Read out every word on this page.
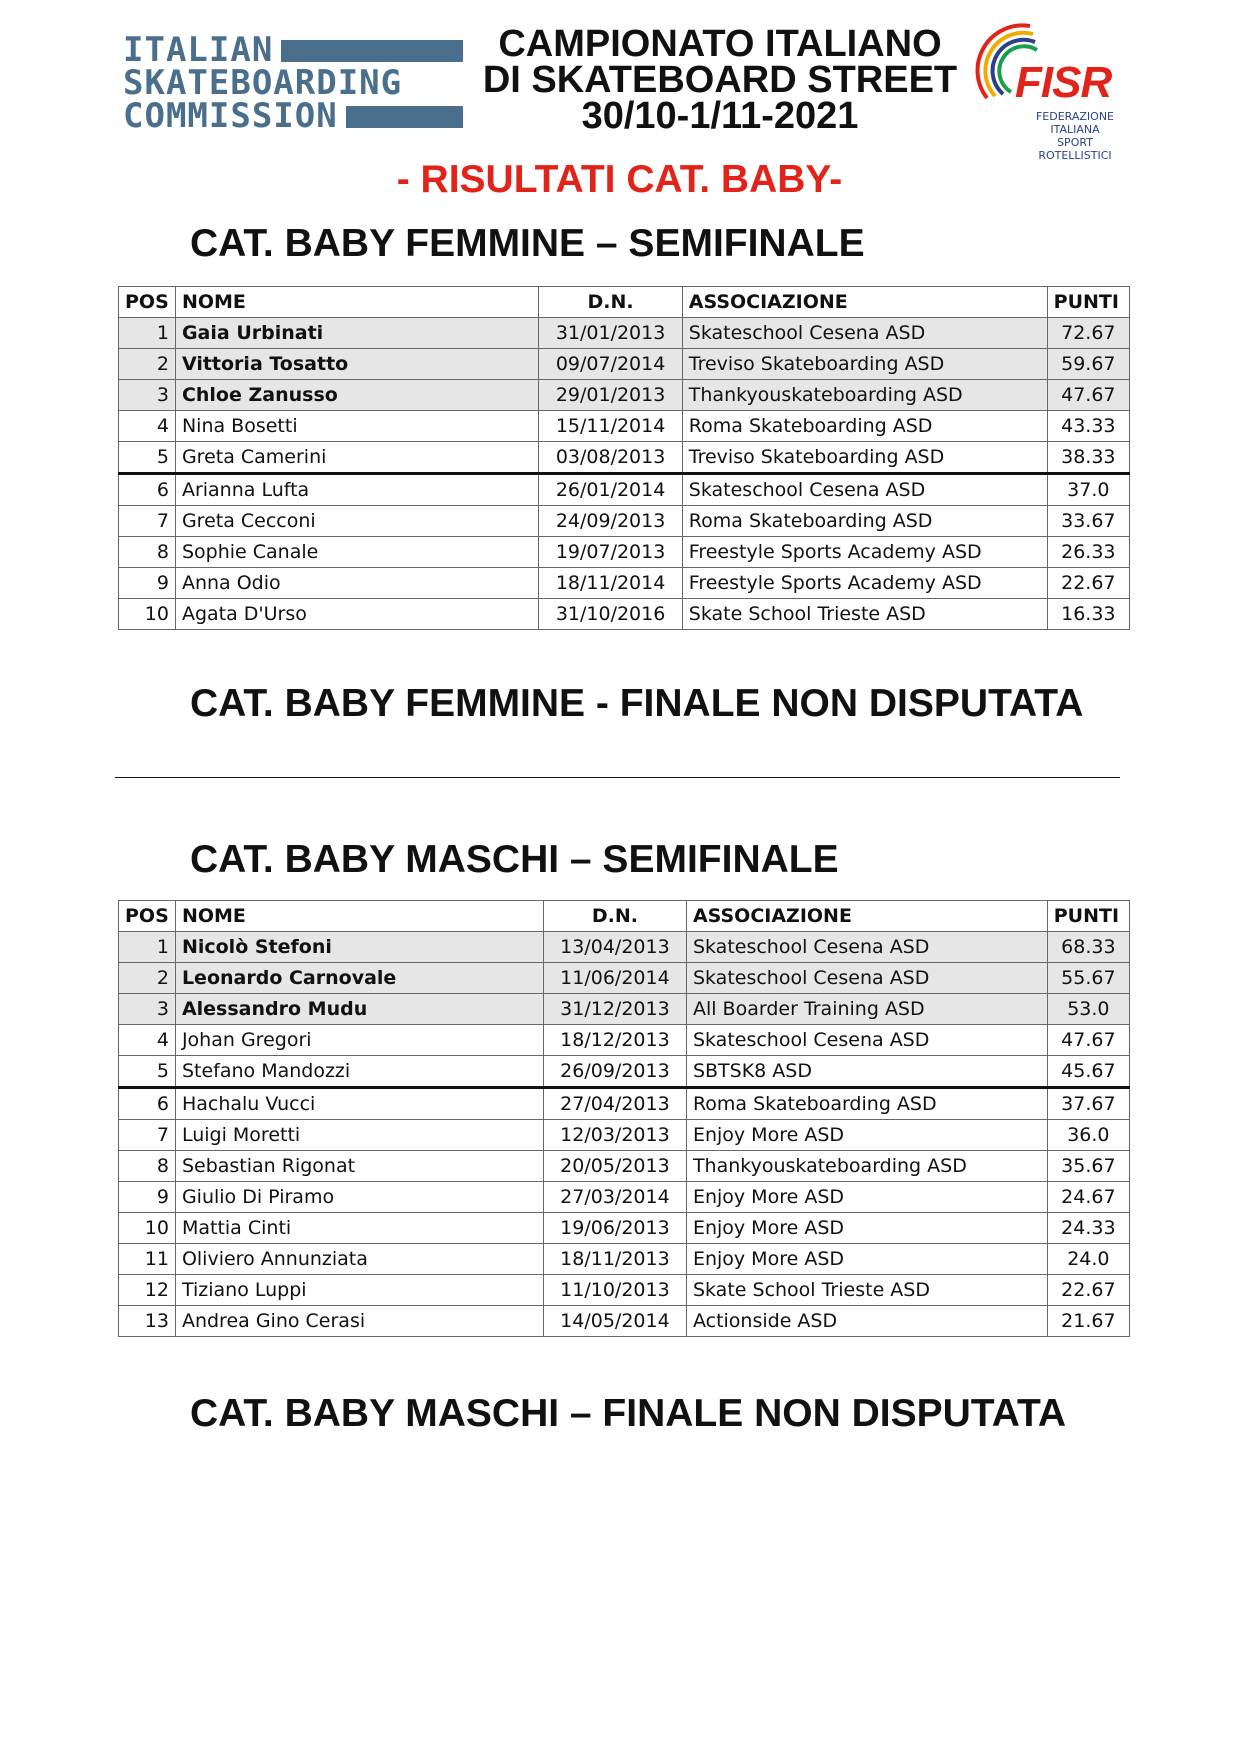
ITALIAN
SKATEBOARDING
COMMISSION
CAMPIONATO ITALIANO
DI SKATEBOARD STREET
30/10-1/11-2021
FISR
FEDERAZIONE ITALIANA
SPORT ROTELLISTICI
- RISULTATI CAT. BABY-
CAT. BABY FEMMINE – SEMIFINALE
POS	NOME	D.N.	ASSOCIAZIONE	PUNTI
1	Gaia Urbinati	31/01/2013	Skateschool Cesena ASD	72.67
2	Vittoria Tosatto	09/07/2014	Treviso Skateboarding ASD	59.67
3	Chloe Zanusso	29/01/2013	Thankyouskateboarding ASD	47.67
4	Nina Bosetti	15/11/2014	Roma Skateboarding ASD	43.33
5	Greta Camerini	03/08/2013	Treviso Skateboarding ASD	38.33
6	Arianna Lufta	26/01/2014	Skateschool Cesena ASD	37.0
7	Greta Cecconi	24/09/2013	Roma Skateboarding ASD	33.67
8	Sophie Canale	19/07/2013	Freestyle Sports Academy ASD	26.33
9	Anna Odio	18/11/2014	Freestyle Sports Academy ASD	22.67
10	Agata D'Urso	31/10/2016	Skate School Trieste ASD	16.33
CAT. BABY FEMMINE - FINALE NON DISPUTATA
CAT. BABY MASCHI – SEMIFINALE
POS	NOME	D.N.	ASSOCIAZIONE	PUNTI
1	Nicolò Stefoni	13/04/2013	Skateschool Cesena ASD	68.33
2	Leonardo Carnovale	11/06/2014	Skateschool Cesena ASD	55.67
3	Alessandro Mudu	31/12/2013	All Boarder Training ASD	53.0
4	Johan Gregori	18/12/2013	Skateschool Cesena ASD	47.67
5	Stefano Mandozzi	26/09/2013	SBTSK8 ASD	45.67
6	Hachalu Vucci	27/04/2013	Roma Skateboarding ASD	37.67
7	Luigi Moretti	12/03/2013	Enjoy More ASD	36.0
8	Sebastian Rigonat	20/05/2013	Thankyouskateboarding ASD	35.67
9	Giulio Di Piramo	27/03/2014	Enjoy More ASD	24.67
10	Mattia Cinti	19/06/2013	Enjoy More ASD	24.33
11	Oliviero Annunziata	18/11/2013	Enjoy More ASD	24.0
12	Tiziano Luppi	11/10/2013	Skate School Trieste ASD	22.67
13	Andrea Gino Cerasi	14/05/2014	Actionside ASD	21.67
CAT. BABY MASCHI – FINALE NON DISPUTATA
